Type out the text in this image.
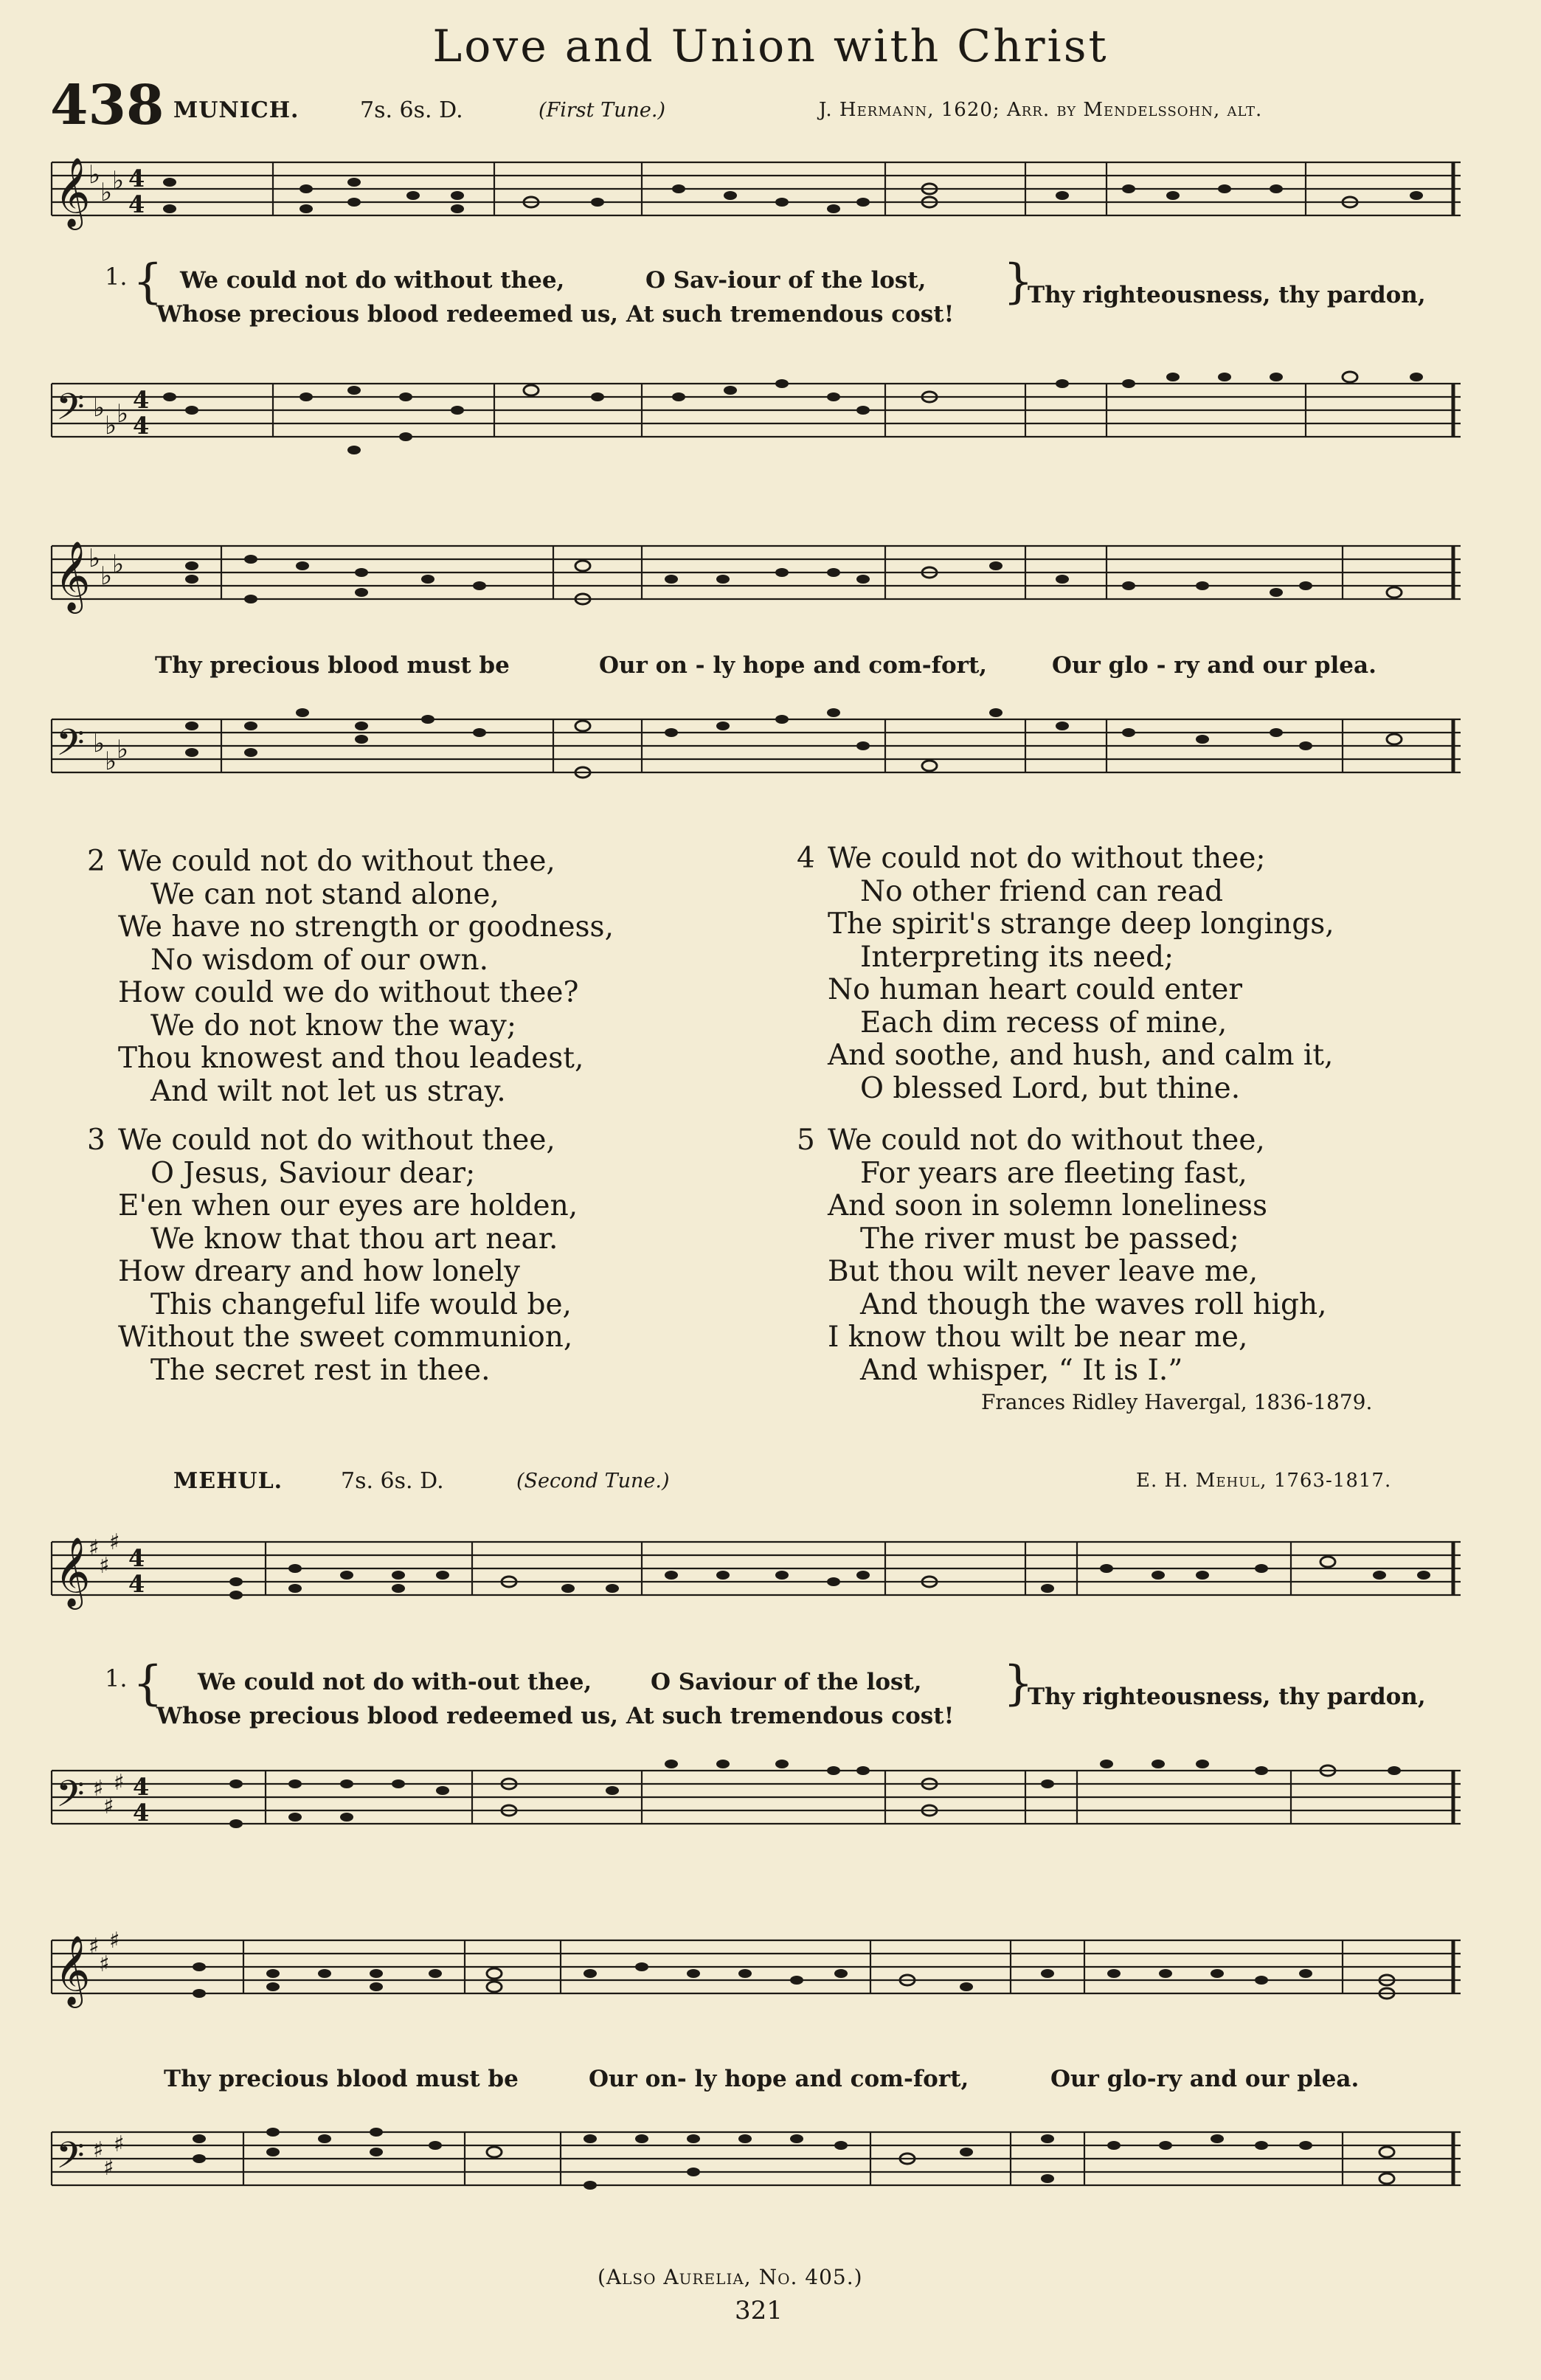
Love and Union with Christ
438 MUNICH.	7s. 6s. D.	(First Tune.)	J. Hermann, 1620; Arr. by Mendelssohn, alt.
𝄞
♭
♭ ♭ 4
4
1. { We could not do without thee,	O Sav-iour of the lost,
Whose precious blood redeemed us, At such tremendous cost!
}
Thy righteousness, thy pardon,
𝄢 ♭
♭ ♭ 4
4
𝄞
♭
♭ ♭
Thy precious blood must be	Our on - ly hope and com-fort,	Our glo - ry and our plea.
𝄢 ♭
♭ ♭
2 We could not do without thee,
We can not stand alone,
We have no strength or goodness,
No wisdom of our own.
How could we do without thee?
We do not know the way;
Thou knowest and thou leadest,
And wilt not let us stray.
3 We could not do without thee,
O Jesus, Saviour dear;
E'en when our eyes are holden,
We know that thou art near.
How dreary and how lonely
This changeful life would be,
Without the sweet communion,
The secret rest in thee.
4 We could not do without thee;
No other friend can read
The spirit's strange deep longings,
Interpreting its need;
No human heart could enter
Each dim recess of mine,
And soothe, and hush, and calm it,
O blessed Lord, but thine.
5 We could not do without thee,
For years are fleeting fast,
And soon in solemn loneliness
The river must be passed;
But thou wilt never leave me,
And though the waves roll high,
I know thou wilt be near me,
And whisper, “ It is I.”
Frances Ridley Havergal, 1836-1879.
MEHUL.	7s. 6s. D.	(Second Tune.)	E. H. Mehul, 1763-1817.
𝄞
♯
♯
♯
4
4
1. { We could not do with-out thee,	O Saviour of the lost,
Whose precious blood redeemed us, At such tremendous cost!
}
Thy righteousness, thy pardon,
𝄢 ♯
♯
♯ 4
4
𝄞
♯
♯
♯
Thy precious blood must be	Our on- ly hope and com-fort,	Our glo-ry and our plea.
𝄢 ♯
♯
♯
(Also Aurelia, No. 405.)
321
